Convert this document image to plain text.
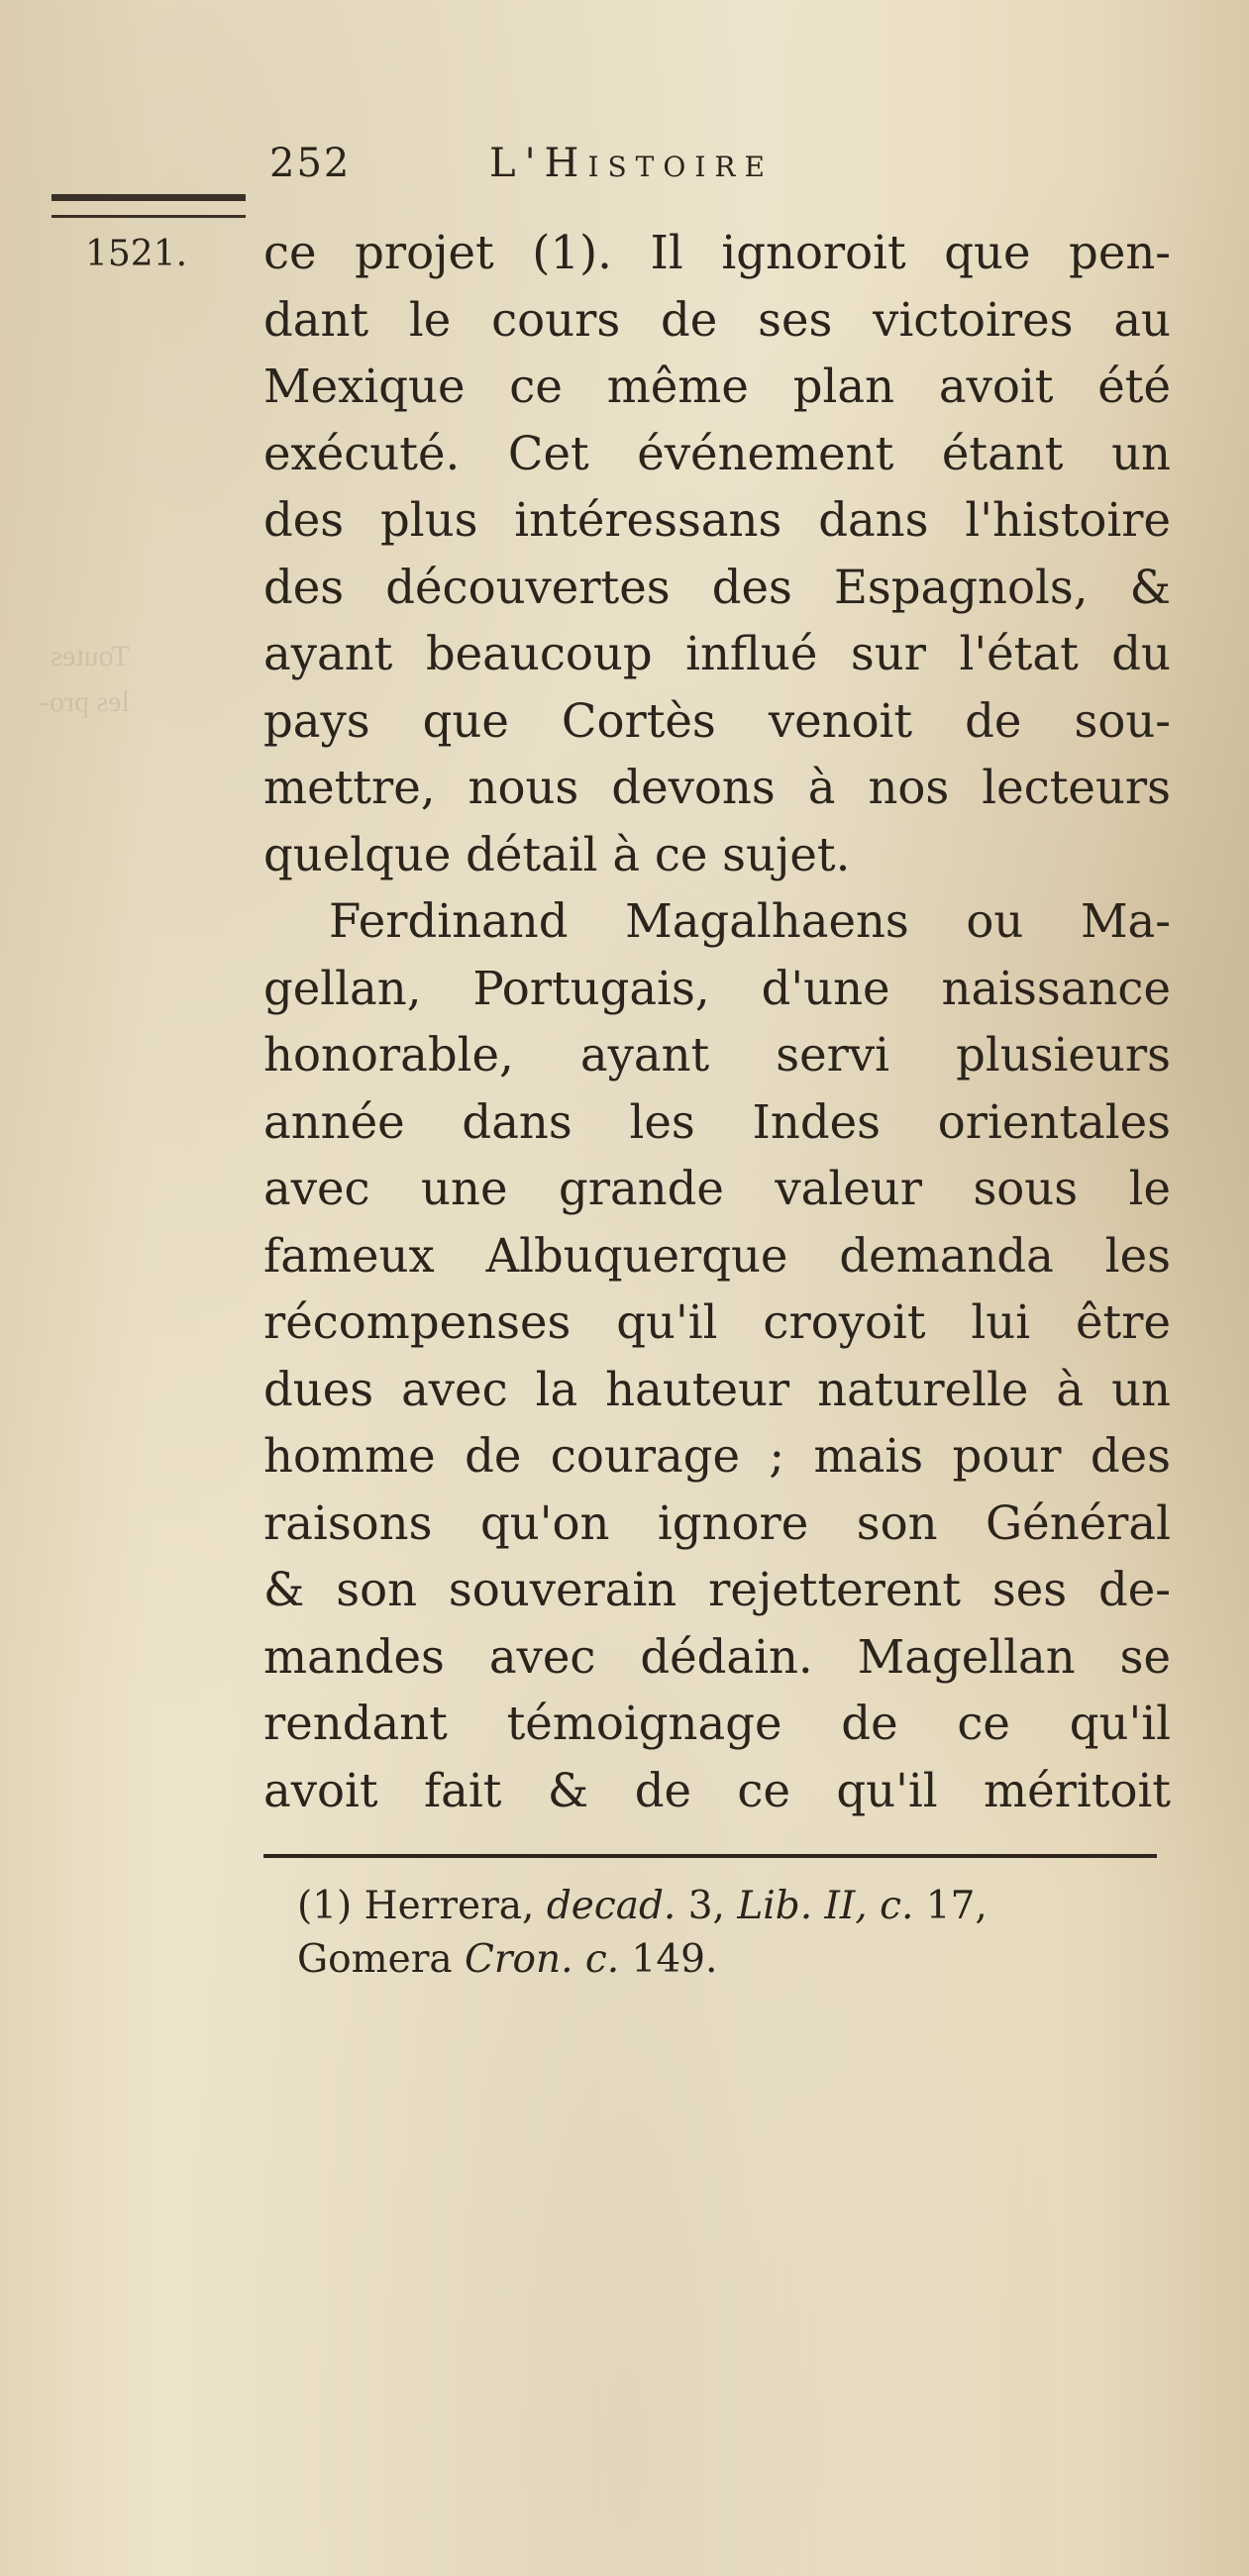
Toutes
les pro-
252	L'Histoire
1521. ce projet (1). Il ignoroit que pen-
dant le cours de ses victoires au
Mexique ce même plan avoit été
exécuté. Cet événement étant un
des plus intéressans dans l'histoire
des découvertes des Espagnols, &
ayant beaucoup influé sur l'état du
pays que Cortès venoit de sou-
mettre, nous devons à nos lecteurs
quelque détail à ce sujet.
Ferdinand Magalhaens ou Ma-
gellan, Portugais, d'une naissance
honorable, ayant servi plusieurs
année dans les Indes orientales
avec une grande valeur sous le
fameux Albuquerque demanda les
récompenses qu'il croyoit lui être
dues avec la hauteur naturelle à un
homme de courage ; mais pour des
raisons qu'on ignore son Général
& son souverain rejetterent ses de-
mandes avec dédain. Magellan se
rendant témoignage de ce qu'il
avoit fait & de ce qu'il méritoit
(1) Herrera, decad. 3, Lib. II, c. 17,
Gomera Cron. c. 149.
